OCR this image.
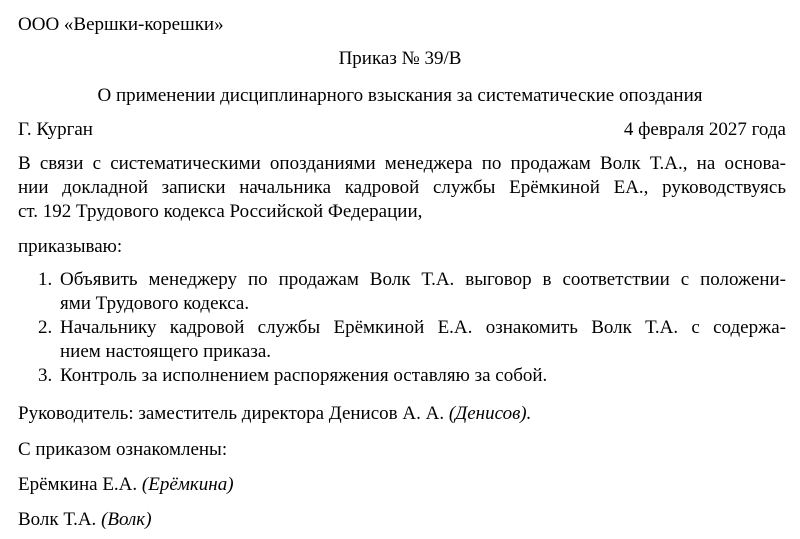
ООО «Вершки-корешки»
Приказ № 39/В
О применении дисциплинарного взыскания за систематические опоздания
Г. Курган	4 февраля 2027 года
В связи с систематическими опозданиями менеджера по продажам Волк Т.А., на основа-
нии докладной записки начальника кадровой службы Ерёмкиной ЕА., руководствуясь
ст. 192 Трудового кодекса Российской Федерации,
приказываю:
1. Объявить менеджеру по продажам Волк Т.А. выговор в соответствии с положени-
ями Трудового кодекса.
2. Начальнику кадровой службы Ерёмкиной Е.А. ознакомить Волк Т.А. с содержа-
нием настоящего приказа.
3. Контроль за исполнением распоряжения оставляю за собой.
Руководитель: заместитель директора Денисов А. А. (Денисов).
С приказом ознакомлены:
Ерёмкина Е.А. (Ерёмкина)
Волк Т.А. (Волк)
